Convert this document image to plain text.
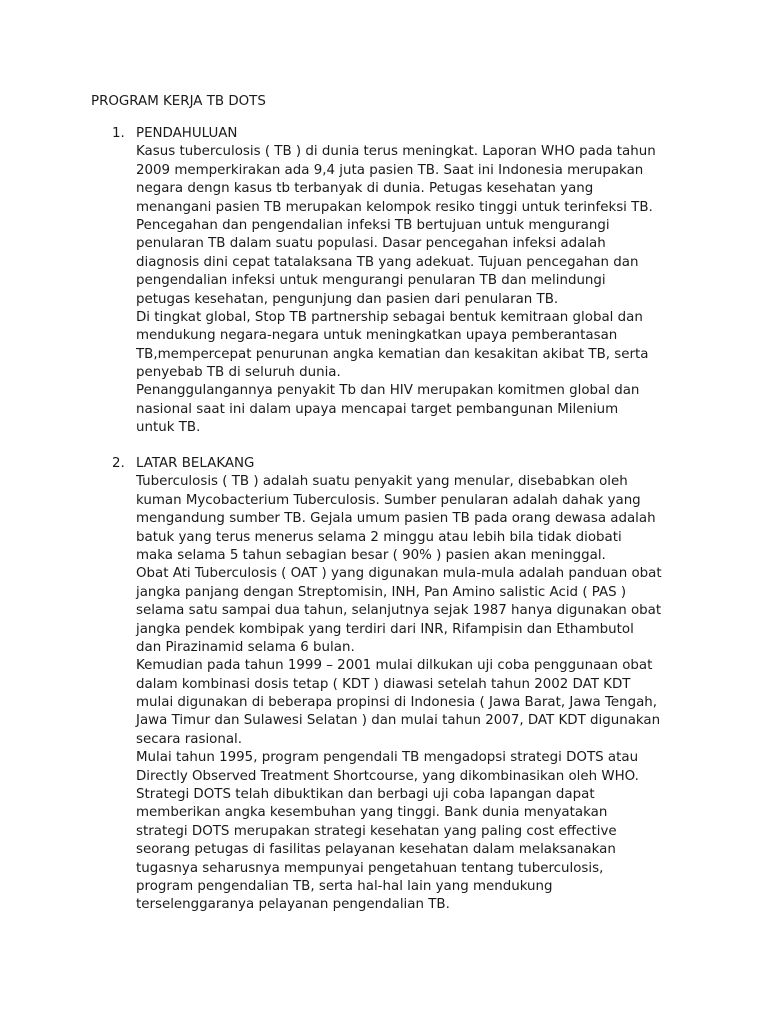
PROGRAM KERJA TB DOTS
1. PENDAHULUAN
Kasus tuberculosis ( TB ) di dunia terus meningkat. Laporan WHO pada tahun
2009 memperkirakan ada 9,4 juta pasien TB. Saat ini Indonesia merupakan
negara dengn kasus tb terbanyak di dunia. Petugas kesehatan yang
menangani pasien TB merupakan kelompok resiko tinggi untuk terinfeksi TB.
Pencegahan dan pengendalian infeksi TB bertujuan untuk mengurangi
penularan TB dalam suatu populasi. Dasar pencegahan infeksi adalah
diagnosis dini cepat tatalaksana TB yang adekuat. Tujuan pencegahan dan
pengendalian infeksi untuk mengurangi penularan TB dan melindungi
petugas kesehatan, pengunjung dan pasien dari penularan TB.
Di tingkat global, Stop TB partnership sebagai bentuk kemitraan global dan
mendukung negara-negara untuk meningkatkan upaya pemberantasan
TB,mempercepat penurunan angka kematian dan kesakitan akibat TB, serta
penyebab TB di seluruh dunia.
Penanggulangannya penyakit Tb dan HIV merupakan komitmen global dan
nasional saat ini dalam upaya mencapai target pembangunan Milenium
untuk TB.
2. LATAR BELAKANG
Tuberculosis ( TB ) adalah suatu penyakit yang menular, disebabkan oleh
kuman Mycobacterium Tuberculosis. Sumber penularan adalah dahak yang
mengandung sumber TB. Gejala umum pasien TB pada orang dewasa adalah
batuk yang terus menerus selama 2 minggu atau lebih bila tidak diobati
maka selama 5 tahun sebagian besar ( 90% ) pasien akan meninggal.
Obat Ati Tuberculosis ( OAT ) yang digunakan mula-mula adalah panduan obat
jangka panjang dengan Streptomisin, INH, Pan Amino salistic Acid ( PAS )
selama satu sampai dua tahun, selanjutnya sejak 1987 hanya digunakan obat
jangka pendek kombipak yang terdiri dari INR, Rifampisin dan Ethambutol
dan Pirazinamid selama 6 bulan.
Kemudian pada tahun 1999 – 2001 mulai dilkukan uji coba penggunaan obat
dalam kombinasi dosis tetap ( KDT ) diawasi setelah tahun 2002 DAT KDT
mulai digunakan di beberapa propinsi di Indonesia ( Jawa Barat, Jawa Tengah,
Jawa Timur dan Sulawesi Selatan ) dan mulai tahun 2007, DAT KDT digunakan
secara rasional.
Mulai tahun 1995, program pengendali TB mengadopsi strategi DOTS atau
Directly Observed Treatment Shortcourse, yang dikombinasikan oleh WHO.
Strategi DOTS telah dibuktikan dan berbagi uji coba lapangan dapat
memberikan angka kesembuhan yang tinggi. Bank dunia menyatakan
strategi DOTS merupakan strategi kesehatan yang paling cost effective
seorang petugas di fasilitas pelayanan kesehatan dalam melaksanakan
tugasnya seharusnya mempunyai pengetahuan tentang tuberculosis,
program pengendalian TB, serta hal-hal lain yang mendukung
terselenggaranya pelayanan pengendalian TB.
